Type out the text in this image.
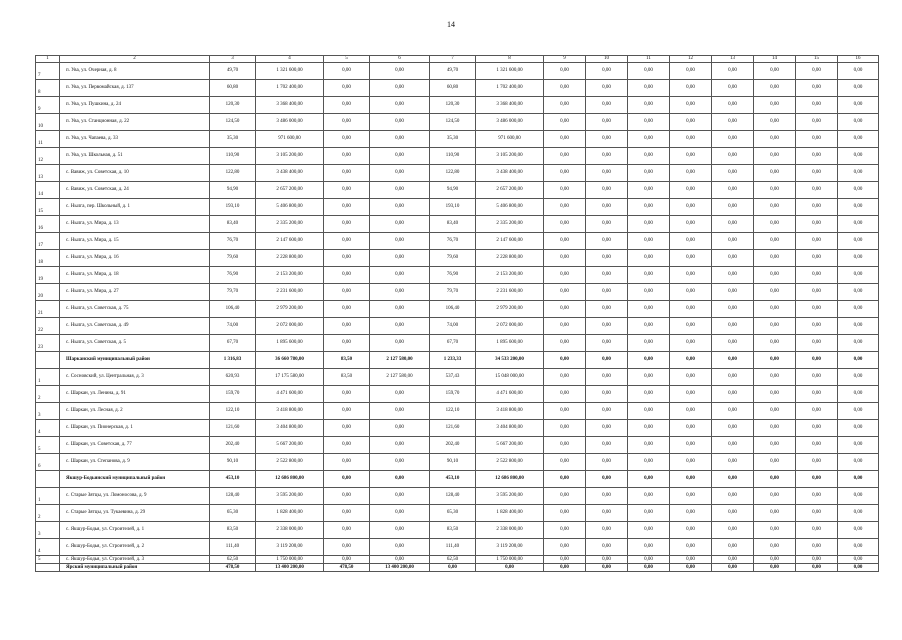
14
1	2	3	4	5	6	7	8	9	10	11	12	13	14	15	16
7	п. Ува, ул. Очерная, д. 8	49,70	1 321 600,00	0,00	0,00	49,70	1 321 600,00	0,00	0,00	0,00	0,00	0,00	0,00	0,00	0,00
8	п. Ува, ул. Первомайская, д. 137	60,80	1 702 400,00	0,00	0,00	60,80	1 702 400,00	0,00	0,00	0,00	0,00	0,00	0,00	0,00	0,00
9	п. Ува, ул. Пушкина, д. 24	120,30	3 368 400,00	0,00	0,00	120,30	3 368 400,00	0,00	0,00	0,00	0,00	0,00	0,00	0,00	0,00
10	п. Ува, ул. Станционная, д. 22	124,50	3 486 000,00	0,00	0,00	124,50	3 486 000,00	0,00	0,00	0,00	0,00	0,00	0,00	0,00	0,00
11	п. Ува, ул. Чапаева, д. 33	35,30	971 600,00	0,00	0,00	35,30	971 600,00	0,00	0,00	0,00	0,00	0,00	0,00	0,00	0,00
12	п. Ува, ул. Школьная, д. 51	110,90	3 105 200,00	0,00	0,00	110,90	3 105 200,00	0,00	0,00	0,00	0,00	0,00	0,00	0,00	0,00
13	с. Вавиж, ул. Советская, д. 10	122,80	3 438 400,00	0,00	0,00	122,80	3 438 400,00	0,00	0,00	0,00	0,00	0,00	0,00	0,00	0,00
14	с. Вавиж, ул. Советская, д. 24	94,90	2 657 200,00	0,00	0,00	94,90	2 657 200,00	0,00	0,00	0,00	0,00	0,00	0,00	0,00	0,00
15	с. Нылга, пер. Школьный, д. 1	193,10	5 406 800,00	0,00	0,00	193,10	5 406 800,00	0,00	0,00	0,00	0,00	0,00	0,00	0,00	0,00
16	с. Нылга, ул. Мира, д. 13	83,40	2 335 200,00	0,00	0,00	83,40	2 335 200,00	0,00	0,00	0,00	0,00	0,00	0,00	0,00	0,00
17	с. Нылга, ул. Мира, д. 15	76,70	2 147 600,00	0,00	0,00	76,70	2 147 600,00	0,00	0,00	0,00	0,00	0,00	0,00	0,00	0,00
18	с. Нылга, ул. Мира, д. 16	79,60	2 228 800,00	0,00	0,00	79,60	2 228 800,00	0,00	0,00	0,00	0,00	0,00	0,00	0,00	0,00
19	с. Нылга, ул. Мира, д. 18	76,90	2 153 200,00	0,00	0,00	76,90	2 153 200,00	0,00	0,00	0,00	0,00	0,00	0,00	0,00	0,00
20	с. Нылга, ул. Мира, д. 27	79,70	2 231 600,00	0,00	0,00	79,70	2 231 600,00	0,00	0,00	0,00	0,00	0,00	0,00	0,00	0,00
21	с. Нылга, ул. Советская, д. 75	106,40	2 979 200,00	0,00	0,00	106,40	2 979 200,00	0,00	0,00	0,00	0,00	0,00	0,00	0,00	0,00
22	с. Нылга, ул. Советская, д. 49	74,00	2 072 000,00	0,00	0,00	74,00	2 072 000,00	0,00	0,00	0,00	0,00	0,00	0,00	0,00	0,00
23	с. Нылга, ул. Советская, д. 5	67,70	1 895 600,00	0,00	0,00	67,70	1 895 600,00	0,00	0,00	0,00	0,00	0,00	0,00	0,00	0,00
	Шарканский муниципальный район	1 316,83	36 660 780,00	83,50	2 127 580,00	1 233,33	34 533 200,00	0,00	0,00	0,00	0,00	0,00	0,00	0,00	0,00
1	с. Сосновский, ул. Центральная, д. 3	620,93	17 175 580,00	83,50	2 127 580,00	537,43	15 048 000,00	0,00	0,00	0,00	0,00	0,00	0,00	0,00	0,00
2	с. Шаркан, ул. Ленина, д. 91	159,70	4 471 600,00	0,00	0,00	159,70	4 471 600,00	0,00	0,00	0,00	0,00	0,00	0,00	0,00	0,00
3	с. Шаркан, ул. Лесная, д. 2	122,10	3 418 800,00	0,00	0,00	122,10	3 418 800,00	0,00	0,00	0,00	0,00	0,00	0,00	0,00	0,00
4	с. Шаркан, ул. Пионерская, д. 1	121,60	3 404 800,00	0,00	0,00	121,60	3 404 800,00	0,00	0,00	0,00	0,00	0,00	0,00	0,00	0,00
5	с. Шаркан, ул. Советская, д. 77	202,40	5 667 200,00	0,00	0,00	202,40	5 667 200,00	0,00	0,00	0,00	0,00	0,00	0,00	0,00	0,00
6	с. Шаркан, ул. Степанова, д. 9	90,10	2 522 800,00	0,00	0,00	90,10	2 522 800,00	0,00	0,00	0,00	0,00	0,00	0,00	0,00	0,00
	Якшур-Бодьинский муниципальный район	453,10	12 686 800,00	0,00	0,00	453,10	12 686 800,00	0,00	0,00	0,00	0,00	0,00	0,00	0,00	0,00
1	с. Старые Зятцы, ул. Ломоносова, д. 9	128,40	3 595 200,00	0,00	0,00	128,40	3 595 200,00	0,00	0,00	0,00	0,00	0,00	0,00	0,00	0,00
2	с. Старые Зятцы, ул. Тукаевина, д. 29	65,30	1 828 400,00	0,00	0,00	65,30	1 828 400,00	0,00	0,00	0,00	0,00	0,00	0,00	0,00	0,00
3	с. Якшур-Бодья, ул. Строителей, д. 1	83,50	2 338 000,00	0,00	0,00	83,50	2 338 000,00	0,00	0,00	0,00	0,00	0,00	0,00	0,00	0,00
4	с. Якшур-Бодья, ул. Строителей, д. 2	111,40	3 119 200,00	0,00	0,00	111,40	3 119 200,00	0,00	0,00	0,00	0,00	0,00	0,00	0,00	0,00
5	с. Якшур-Бодья, ул. Строителей, д. 3	62,50	1 750 000,00	0,00	0,00	62,50	1 750 000,00	0,00	0,00	0,00	0,00	0,00	0,00	0,00	0,00
	Ярский муниципальный район	478,50	13 400 200,00	478,50	13 400 200,00	0,00	0,00	0,00	0,00	0,00	0,00	0,00	0,00	0,00	0,00
